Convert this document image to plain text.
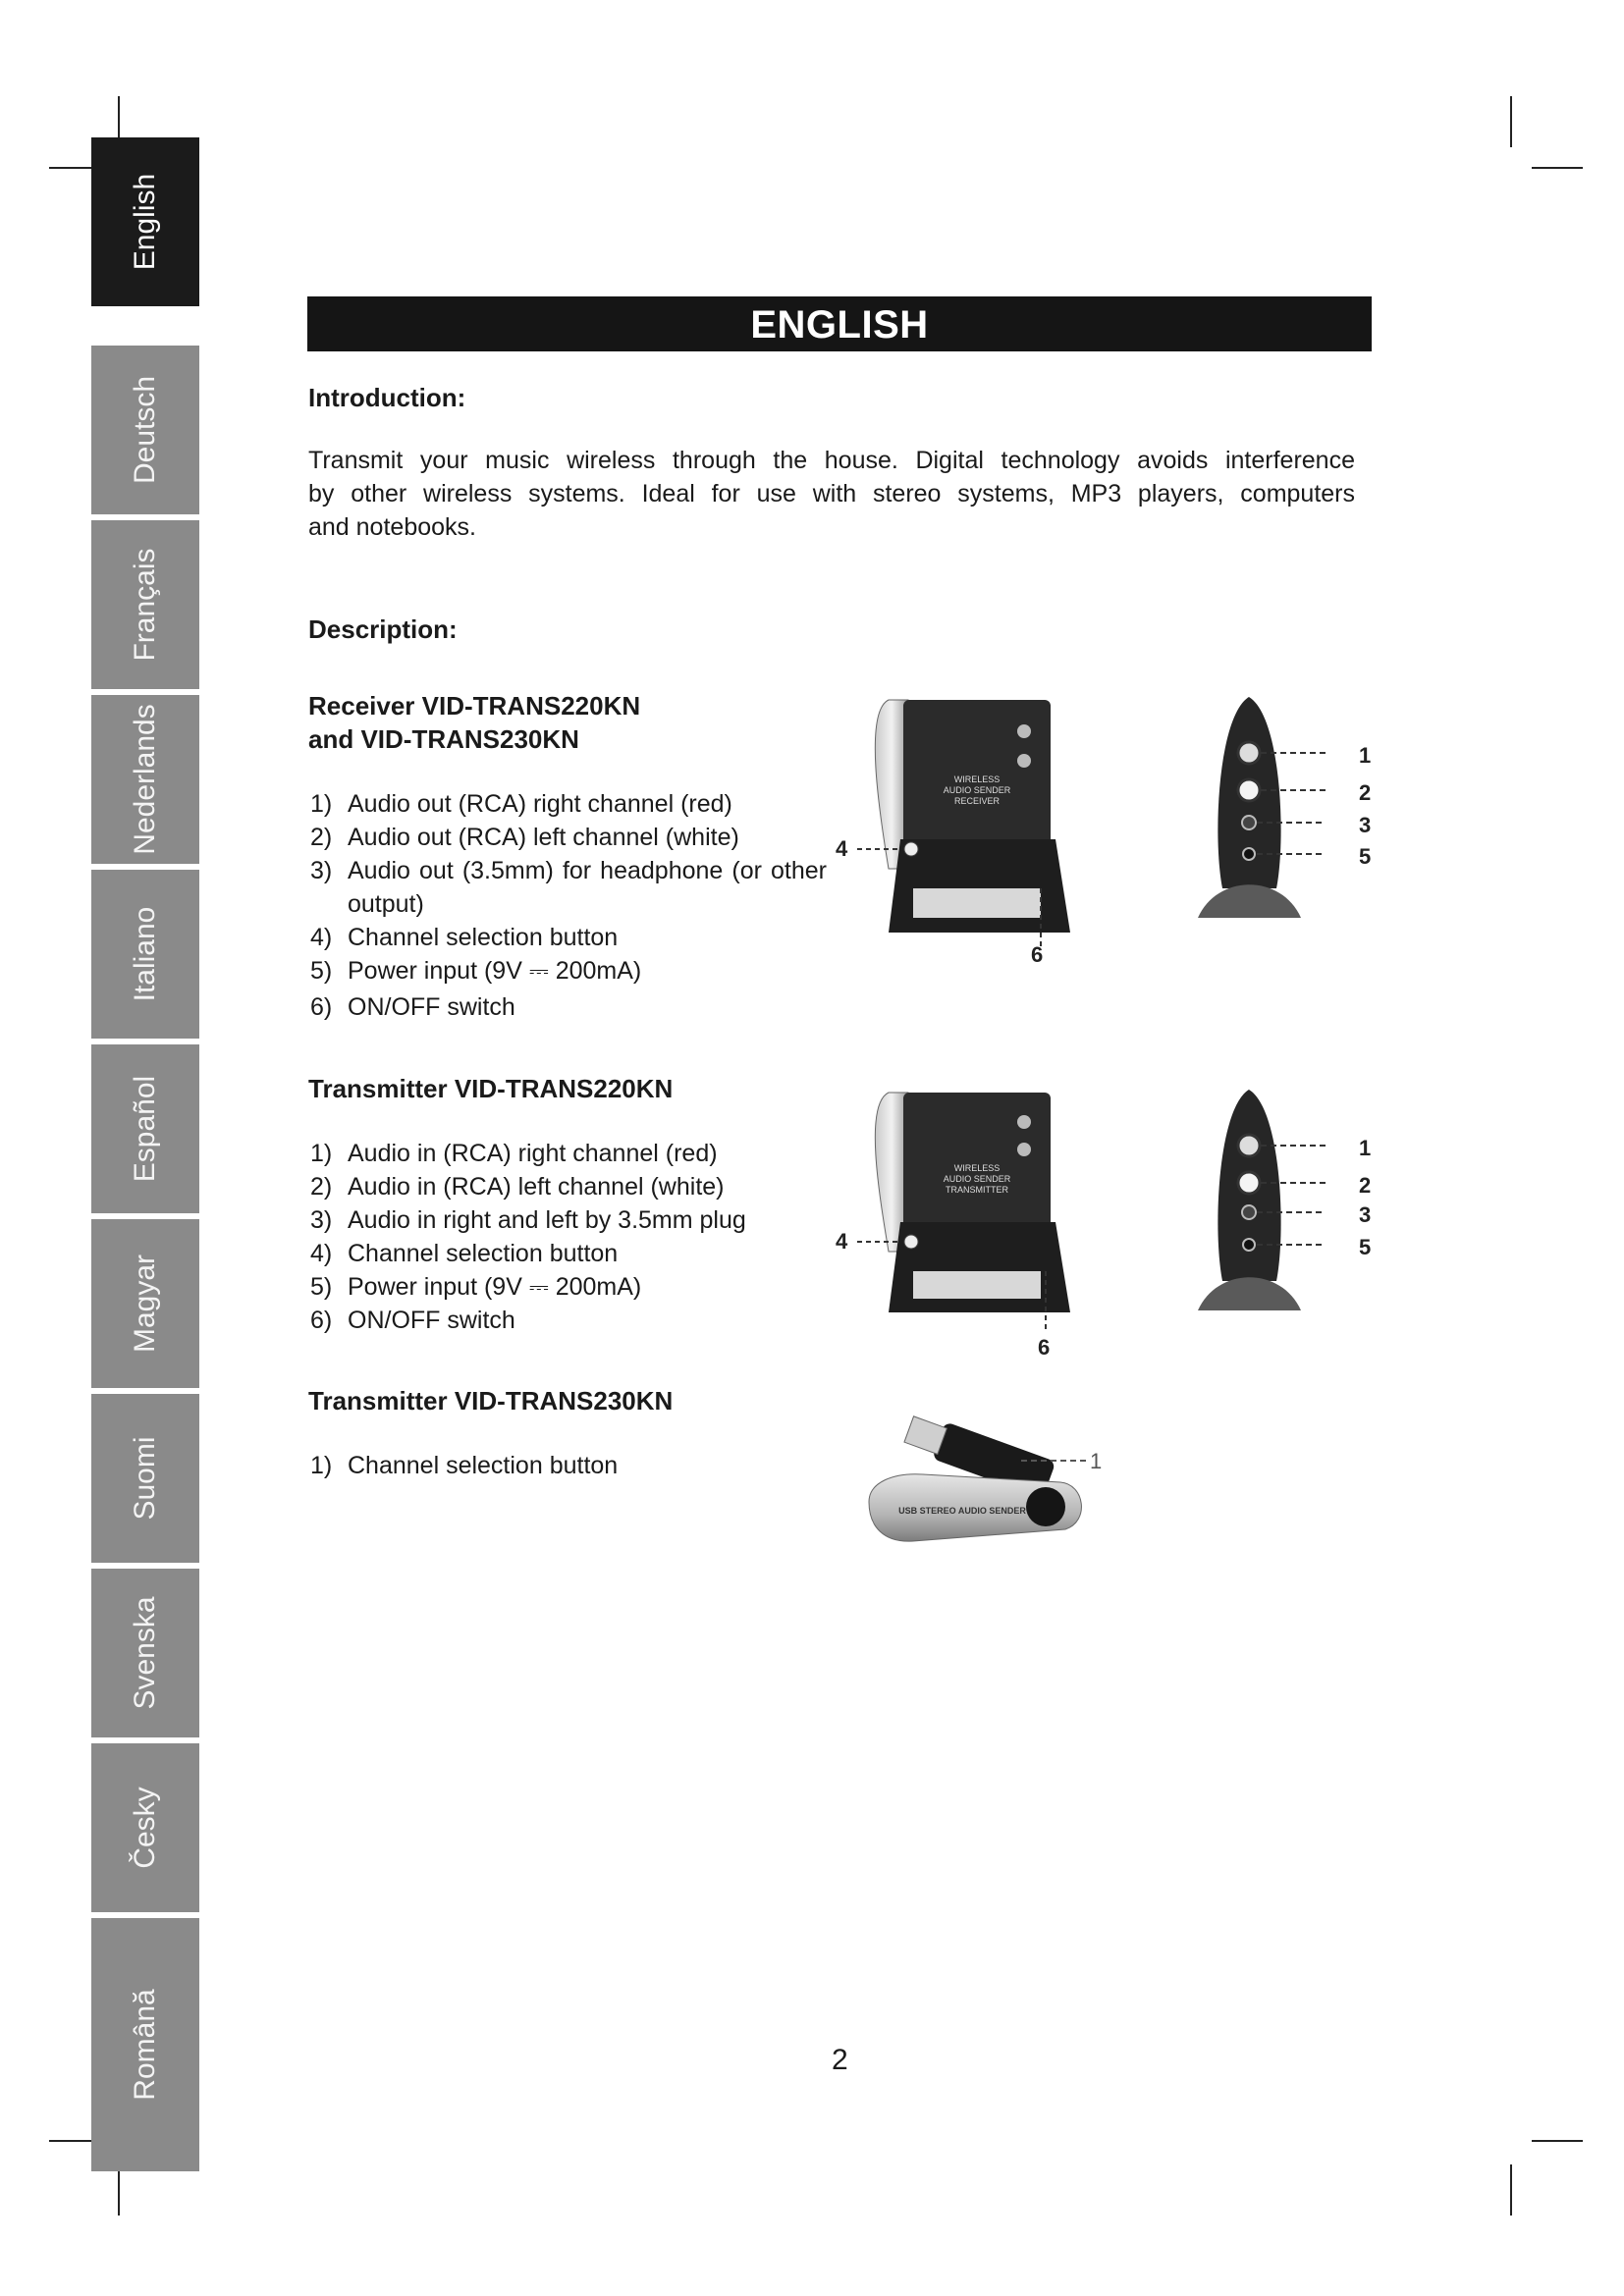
English
Deutsch
Français
Nederlands
Italiano
Español
Magyar
Suomi
Svenska
Česky
Română
ENGLISH
Introduction:
Transmit your music wireless through the house. Digital technology avoids interference
by other wireless systems. Ideal for use with stereo systems, MP3 players, computers
and notebooks.
Description:
Receiver VID-TRANS220KN
and VID-TRANS230KN
1) Audio out (RCA) right channel (red)
2) Audio out (RCA) left channel (white)
3) Audio out (3.5mm) for headphone (or other output)
4) Channel selection button
5) Power input (9V ⎓ 200mA)
6) ON/OFF switch
WIRELESS
AUDIO SENDER
RECEIVER
4
6
1
2
3
5
Transmitter VID-TRANS220KN
1) Audio in (RCA) right channel (red)
2) Audio in (RCA) left channel (white)
3) Audio in right and left by 3.5mm plug
4) Channel selection button
5) Power input (9V ⎓ 200mA)
6) ON/OFF switch
WIRELESS
AUDIO SENDER
TRANSMITTER
4
6
1
2
3
5
Transmitter VID-TRANS230KN
1) Channel selection button
USB STEREO AUDIO SENDER
1
2
